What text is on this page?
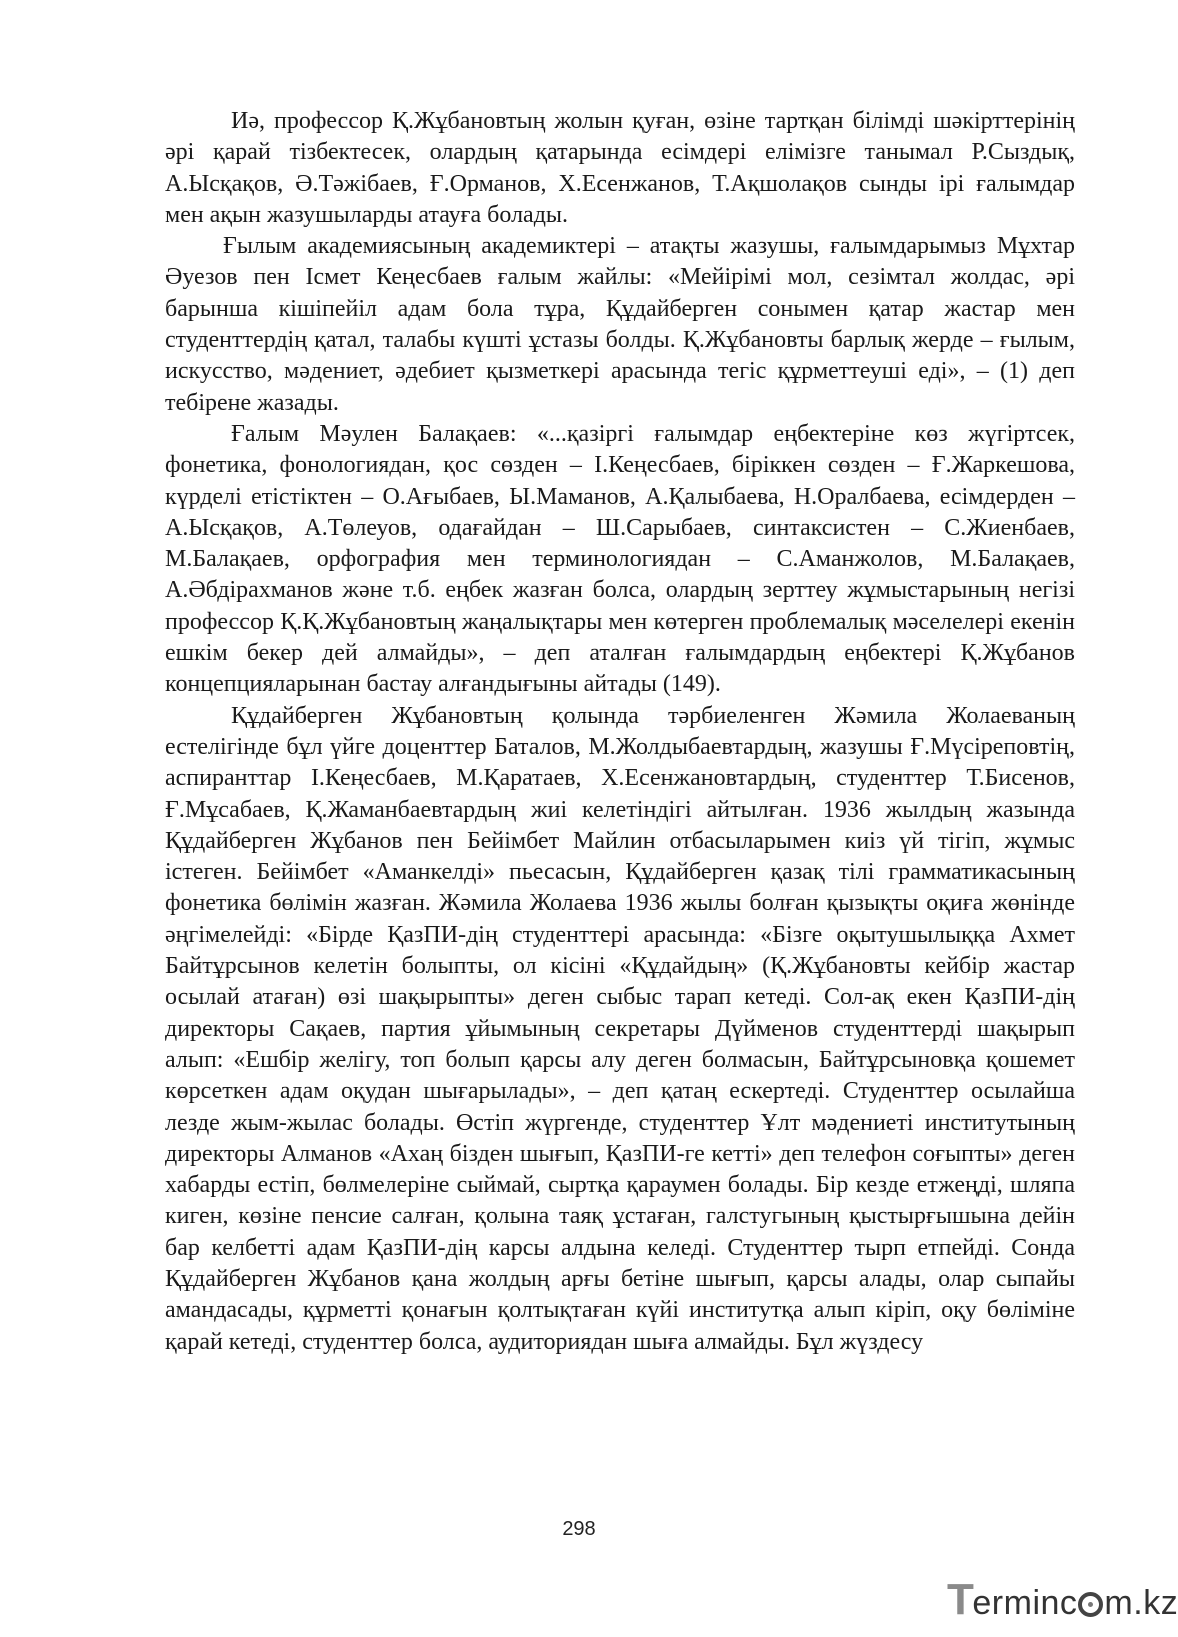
Иә, профессор Қ.Жұбановтың жолын қуған, өзіне тартқан білімді шәкірттерінің әрі қарай тізбектесек, олардың қатарында есімдері елімізге танымал Р.Сыздық, А.Ысқақов, Ә.Тәжібаев, Ғ.Орманов, Х.Есенжанов, Т.Ақшолақов сынды ірі ғалымдар мен ақын жазушыларды атауға болады.

Ғылым академиясының академиктері – атақты жазушы, ғалымдарымыз Мұхтар Әуезов пен Ісмет Кеңесбаев ғалым жайлы: «Мейірімі мол, сезімтал жолдас, әрі барынша кішіпейіл адам бола тұра, Құдайберген сонымен қатар жастар мен студенттердің қатал, талабы күшті ұстазы болды. Қ.Жұбановты барлық жерде – ғылым, искусство, мәдениет, әдебиет қызметкері арасында тегіс құрметтеуші еді», – (1) деп тебірене жазады.

Ғалым Мәулен Балақаев: «...қазіргі ғалымдар еңбектеріне көз жүгіртсек, фонетика, фонологиядан, қос сөзден – І.Кеңесбаев, біріккен сөзден – Ғ.Жаркешова, күрделі етістіктен – О.Ағыбаев, Ы.Маманов, А.Қалыбаева, Н.Оралбаева, есімдерден – А.Ысқақов, А.Төлеуов, одағайдан – Ш.Сарыбаев, синтаксистен – С.Жиенбаев, М.Балақаев, орфография мен терминологиядан – С.Аманжолов, М.Балақаев, А.Әбдірахманов және т.б. еңбек жазған болса, олардың зерттеу жұмыстарының негізі профессор Қ.Қ.Жұбановтың жаңалықтары мен көтерген проблемалық мәселелері екенін ешкім бекер дей алмайды», – деп аталған ғалымдардың еңбектері Қ.Жұбанов концепцияларынан бастау алғандығыны айтады (149).

Құдайберген Жұбановтың қолында тәрбиеленген Жәмила Жолаеваның естелігінде бұл үйге доценттер Баталов, М.Жолдыбаевтардың, жазушы Ғ.Мүсіреповтің, аспиранттар І.Кеңесбаев, М.Қаратаев, Х.Есенжановтардың, студенттер Т.Бисенов, Ғ.Мұсабаев, Қ.Жаманбаевтардың жиі келетіндігі айтылған. 1936 жылдың жазында Құдайберген Жұбанов пен Бейімбет Майлин отбасыларымен киіз үй тігіп, жұмыс істеген. Бейімбет «Аманкелді» пьесасын, Құдайберген қазақ тілі грамматикасының фонетика бөлімін жазған. Жәмила Жолаева 1936 жылы болған қызықты оқиға жөнінде әңгімелейді: «Бірде ҚазПИ-дің студенттері арасында: «Бізге оқытушылыққа Ахмет Байтұрсынов келетін болыпты, ол кісіні «Құдайдың» (Қ.Жұбановты кейбір жастар осылай атаған) өзі шақырыпты» деген сыбыс тарап кетеді. Сол-ақ екен ҚазПИ-дің директоры Сақаев, партия ұйымының секретары Дүйменов студенттерді шақырып алып: «Ешбір желігу, топ болып қарсы алу деген болмасын, Байтұрсыновқа қошемет көрсеткен адам оқудан шығарылады», – деп қатаң ескертеді. Студенттер осылайша лезде жым-жылас болады. Өстіп жүргенде, студенттер Ұлт мәдениеті институтының директоры Алманов «Ахаң бізден шығып, ҚазПИ-ге кетті» деп телефон соғыпты» деген хабарды естіп, бөлмелеріне сыймай, сыртқа қараумен болады. Бір кезде етжеңді, шляпа киген, көзіне пенсие салған, қолына таяқ ұстаған, галстугының қыстырғышына дейін бар келбетті адам ҚазПИ-дің карсы алдына келеді. Студенттер тырп етпейді. Сонда Құдайберген Жұбанов қана жолдың арғы бетіне шығып, қарсы алады, олар сыпайы амандасады, құрметті қонағын қолтықтаған күйі институтқа алып кіріп, оқу бөліміне қарай кетеді, студенттер болса, аудиториядан шыға алмайды. Бұл жүздесу

298
T
erminc m.kz
